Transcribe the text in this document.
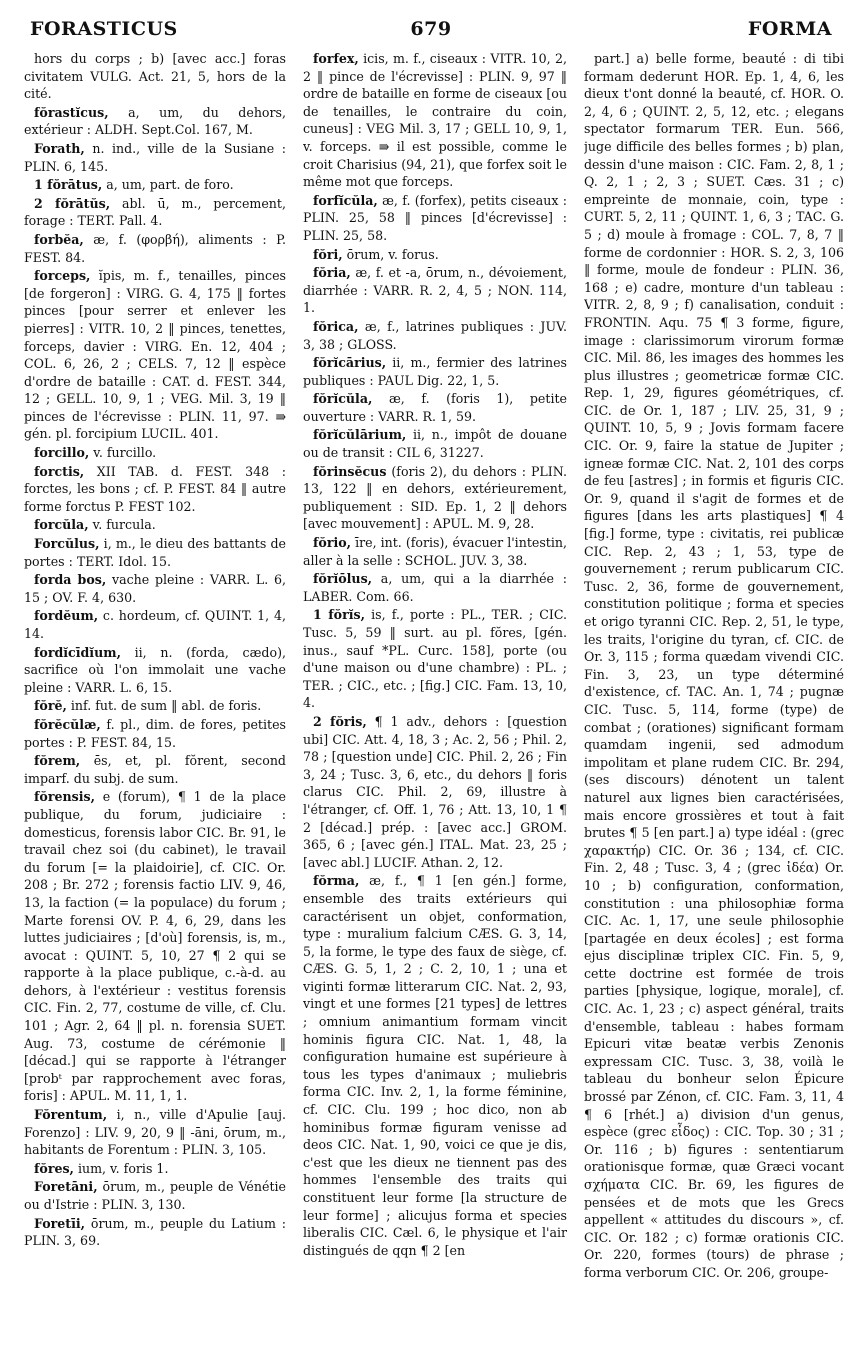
FORASTICUS	679	FORMA

hors du corps ; b) [avec acc.] foras civitatem VULG. Act. 21, 5, hors de la cité.

fŏrastĭcus, a, um, du dehors, extérieur : ALDH. Sept.Col. 167, M.

Forath, n. ind., ville de la Susiane : PLIN. 6, 145.

1 fŏrātus, a, um, part. de foro.

2 fŏrātŭs, abl. ū, m., percement, forage : TERT. Pall. 4.

forbĕa, æ, f. (φορβή), aliments : P. FEST. 84.

forceps, ĭpis, m. f., tenailles, pinces [de forgeron] : VIRG. G. 4, 175 ‖ fortes pinces [pour serrer et enlever les pierres] : VITR. 10, 2 ‖ pinces, tenettes, forceps, davier : VIRG. En. 12, 404 ; COL. 6, 26, 2 ; CELS. 7, 12 ‖ espèce d'ordre de bataille : CAT. d. FEST. 344, 12 ; GELL. 10, 9, 1 ; VEG. Mil. 3, 19 ‖ pinces de l'écrevisse : PLIN. 11, 97. ⇛ gén. pl. forcipium LUCIL. 401.

forcillo, v. furcillo.

forctis, XII TAB. d. FEST. 348 : forctes, les bons ; cf. P. FEST. 84 ‖ autre forme forctus P. FEST 102.

forcŭla, v. furcula.

Forcŭlus, i, m., le dieu des battants de portes : TERT. Idol. 15.

forda bos, vache pleine : VARR. L. 6, 15 ; OV. F. 4, 630.

fordĕum, c. hordeum, cf. QUINT. 1, 4, 14.

fordĭcīdĭum, ii, n. (forda, cædo), sacrifice où l'on immolait une vache pleine : VARR. L. 6, 15.

fŏrĕ, inf. fut. de sum ‖ abl. de foris.

fŏrĕcŭlæ, f. pl., dim. de fores, petites portes : P. FEST. 84, 15.

fŏrem, ēs, et, pl. fŏrent, second imparf. du subj. de sum.

fŏrensis, e (forum), ¶ 1 de la place publique, du forum, judiciaire : domesticus, forensis labor CIC. Br. 91, le travail chez soi (du cabinet), le travail du forum [= la plaidoirie], cf. CIC. Or. 208 ; Br. 272 ; forensis factio LIV. 9, 46, 13, la faction (= la populace) du forum ; Marte forensi OV. P. 4, 6, 29, dans les luttes judiciaires ; [d'où] forensis, is, m., avocat : QUINT. 5, 10, 27 ¶ 2 qui se rapporte à la place publique, c.-à-d. au dehors, à l'extérieur : vestitus forensis CIC. Fin. 2, 77, costume de ville, cf. Clu. 101 ; Agr. 2, 64 ‖ pl. n. forensia SUET. Aug. 73, costume de cérémonie ‖ [décad.] qui se rapporte à l'étranger [probᵗ par rapprochement avec foras, foris] : APUL. M. 11, 1, 1.

Fŏrentum, i, n., ville d'Apulie [auj. Forenzo] : LIV. 9, 20, 9 ‖ -āni, ōrum, m., habitants de Forentum : PLIN. 3, 105.

fŏres, ium, v. foris 1.

Foretāni, ōrum, m., peuple de Vénétie ou d'Istrie : PLIN. 3, 130.

Foretīi, ōrum, m., peuple du Latium : PLIN. 3, 69.

forfex, icis, m. f., ciseaux : VITR. 10, 2, 2 ‖ pince de l'écrevisse] : PLIN. 9, 97 ‖ ordre de bataille en forme de ciseaux [ou de tenailles, le contraire du coin, cuneus] : VEG Mil. 3, 17 ; GELL 10, 9, 1, v. forceps. ⇛ il est possible, comme le croit Charisius (94, 21), que forfex soit le même mot que forceps.

forfĭcŭla, æ, f. (forfex), petits ciseaux : PLIN. 25, 58 ‖ pinces [d'écrevisse] : PLIN. 25, 58.

fŏri, ōrum, v. forus.

fŏria, æ, f. et -a, ōrum, n., dévoiement, diarrhée : VARR. R. 2, 4, 5 ; NON. 114, 1.

fŏrica, æ, f., latrines publiques : JUV. 3, 38 ; GLOSS.

fŏrĭcārius, ii, m., fermier des latrines publiques : PAUL Dig. 22, 1, 5.

fŏrĭcŭla, æ, f. (foris 1), petite ouverture : VARR. R. 1, 59.

fŏrĭcŭlārium, ii, n., impôt de douane ou de transit : CIL 6, 31227.

fŏrinsĕcus (foris 2), du dehors : PLIN. 13, 122 ‖ en dehors, extérieurement, publiquement : SID. Ep. 1, 2 ‖ dehors [avec mouvement] : APUL. M. 9, 28.

fŏrio, īre, int. (foris), évacuer l'intestin, aller à la selle : SCHOL. JUV. 3, 38.

fŏrĭōlus, a, um, qui a la diarrhée : LABER. Com. 66.

1 fŏrĭs, is, f., porte : PL., TER. ; CIC. Tusc. 5, 59 ‖ surt. au pl. fŏres, [gén. inus., sauf *PL. Curc. 158], porte (ou d'une maison ou d'une chambre) : PL. ; TER. ; CIC., etc. ; [fig.] CIC. Fam. 13, 10, 4.

2 fŏris, ¶ 1 adv., dehors : [question ubi] CIC. Att. 4, 18, 3 ; Ac. 2, 56 ; Phil. 2, 78 ; [question unde] CIC. Phil. 2, 26 ; Fin 3, 24 ; Tusc. 3, 6, etc., du dehors ‖ foris clarus CIC. Phil. 2, 69, illustre à l'étranger, cf. Off. 1, 76 ; Att. 13, 10, 1 ¶ 2 [décad.] prép. : [avec acc.] GROM. 365, 6 ; [avec gén.] ITAL. Mat. 23, 25 ; [avec abl.] LUCIF. Athan. 2, 12.

fŏrma, æ, f., ¶ 1 [en gén.] forme, ensemble des traits extérieurs qui caractérisent un objet, conformation, type : muralium falcium CÆS. G. 3, 14, 5, la forme, le type des faux de siège, cf. CÆS. G. 5, 1, 2 ; C. 2, 10, 1 ; una et viginti formæ litterarum CIC. Nat. 2, 93, vingt et une formes [21 types] de lettres ; omnium animantium formam vincit hominis figura CIC. Nat. 1, 48, la configuration humaine est supérieure à tous les types d'animaux ; muliebris forma CIC. Inv. 2, 1, la forme féminine, cf. CIC. Clu. 199 ; hoc dico, non ab hominibus formæ figuram venisse ad deos CIC. Nat. 1, 90, voici ce que je dis, c'est que les dieux ne tiennent pas des hommes l'ensemble des traits qui constituent leur forme [la structure de leur forme] ; alicujus forma et species liberalis CIC. Cæl. 6, le physique et l'air distingués de qqn ¶ 2 [en

part.] a) belle forme, beauté : di tibi formam dederunt HOR. Ep. 1, 4, 6, les dieux t'ont donné la beauté, cf. HOR. O. 2, 4, 6 ; QUINT. 2, 5, 12, etc. ; elegans spectator formarum TER. Eun. 566, juge difficile des belles formes ; b) plan, dessin d'une maison : CIC. Fam. 2, 8, 1 ; Q. 2, 1 ; 2, 3 ; SUET. Cæs. 31 ; c) empreinte de monnaie, coin, type : CURT. 5, 2, 11 ; QUINT. 1, 6, 3 ; TAC. G. 5 ; d) moule à fromage : COL. 7, 8, 7 ‖ forme de cordonnier : HOR. S. 2, 3, 106 ‖ forme, moule de fondeur : PLIN. 36, 168 ; e) cadre, monture d'un tableau : VITR. 2, 8, 9 ; f) canalisation, conduit : FRONTIN. Aqu. 75 ¶ 3 forme, figure, image : clarissimorum virorum formæ CIC. Mil. 86, les images des hommes les plus illustres ; geometricæ formæ CIC. Rep. 1, 29, figures géométriques, cf. CIC. de Or. 1, 187 ; LIV. 25, 31, 9 ; QUINT. 10, 5, 9 ; Jovis formam facere CIC. Or. 9, faire la statue de Jupiter ; igneæ formæ CIC. Nat. 2, 101 des corps de feu [astres] ; in formis et figuris CIC. Or. 9, quand il s'agit de formes et de figures [dans les arts plastiques] ¶ 4 [fig.] forme, type : civitatis, rei publicæ CIC. Rep. 2, 43 ; 1, 53, type de gouvernement ; rerum publicarum CIC. Tusc. 2, 36, forme de gouvernement, constitution politique ; forma et species et origo tyranni CIC. Rep. 2, 51, le type, les traits, l'origine du tyran, cf. CIC. de Or. 3, 115 ; forma quædam vivendi CIC. Fin. 3, 23, un type déterminé d'existence, cf. TAC. An. 1, 74 ; pugnæ CIC. Tusc. 5, 114, forme (type) de combat ; (orationes) significant formam quamdam ingenii, sed admodum impolitam et plane rudem CIC. Br. 294, (ses discours) dénotent un talent naturel aux lignes bien caractérisées, mais encore grossières et tout à fait brutes ¶ 5 [en part.] a) type idéal : (grec χαρακτήρ) CIC. Or. 36 ; 134, cf. CIC. Fin. 2, 48 ; Tusc. 3, 4 ; (grec ἰδέα) Or. 10 ; b) configuration, conformation, constitution : una philosophiæ forma CIC. Ac. 1, 17, une seule philosophie [partagée en deux écoles] ; est forma ejus disciplinæ triplex CIC. Fin. 5, 9, cette doctrine est formée de trois parties [physique, logique, morale], cf. CIC. Ac. 1, 23 ; c) aspect général, traits d'ensemble, tableau : habes formam Epicuri vitæ beatæ verbis Zenonis expressam CIC. Tusc. 3, 38, voilà le tableau du bonheur selon Épicure brossé par Zénon, cf. CIC. Fam. 3, 11, 4 ¶ 6 [rhét.] a) division d'un genus, espèce (grec εἶδος) : CIC. Top. 30 ; 31 ; Or. 116 ; b) figures : sententiarum orationisque formæ, quæ Græci vocant σχήματα CIC. Br. 69, les figures de pensées et de mots que les Grecs appellent « attitudes du discours », cf. CIC. Or. 182 ; c) formæ orationis CIC. Or. 220, formes (tours) de phrase ; forma verborum CIC. Or. 206, groupe-
